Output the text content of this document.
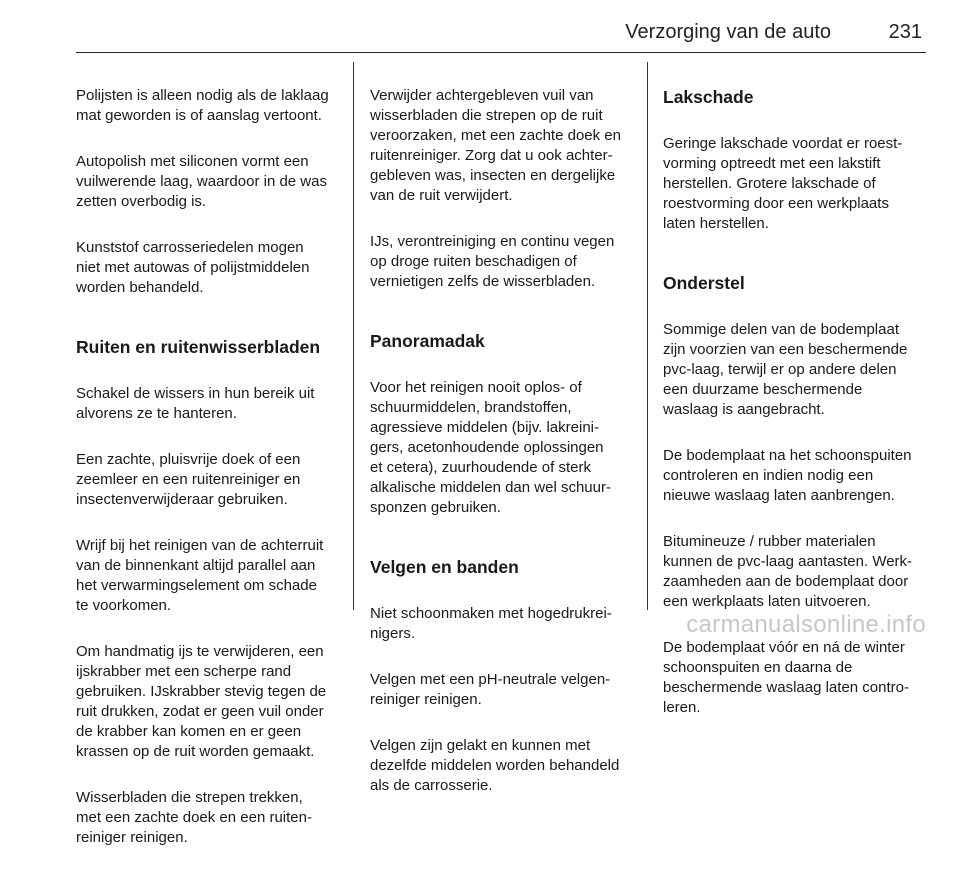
Verzorging van de auto	231

Polijsten is alleen nodig als de laklaag
mat geworden is of aanslag vertoont.

Autopolish met siliconen vormt een
vuilwerende laag, waardoor in de was
zetten overbodig is.

Kunststof carrosseriedelen mogen
niet met autowas of polijstmiddelen
worden behandeld.

Ruiten en ruitenwisserbladen

Schakel de wissers in hun bereik uit
alvorens ze te hanteren.

Een zachte, pluisvrije doek of een
zeemleer en een ruitenreiniger en
insectenverwijderaar gebruiken.

Wrijf bij het reinigen van de achterruit
van de binnenkant altijd parallel aan
het verwarmingselement om schade
te voorkomen.

Om handmatig ijs te verwijderen, een
ijskrabber met een scherpe rand
gebruiken. IJskrabber stevig tegen de
ruit drukken, zodat er geen vuil onder
de krabber kan komen en er geen
krassen op de ruit worden gemaakt.

Wisserbladen die strepen trekken,
met een zachte doek en een ruiten-
reiniger reinigen.

Verwijder achtergebleven vuil van
wisserbladen die strepen op de ruit
veroorzaken, met een zachte doek en
ruitenreiniger. Zorg dat u ook achter-
gebleven was, insecten en dergelijke
van de ruit verwijdert.

IJs, verontreiniging en continu vegen
op droge ruiten beschadigen of
vernietigen zelfs de wisserbladen.

Panoramadak

Voor het reinigen nooit oplos- of
schuurmiddelen, brandstoffen,
agressieve middelen (bijv. lakreini-
gers, acetonhoudende oplossingen
et cetera), zuurhoudende of sterk
alkalische middelen dan wel schuur-
sponzen gebruiken.

Velgen en banden

Niet schoonmaken met hogedrukrei-
nigers.

Velgen met een pH-neutrale velgen-
reiniger reinigen.

Velgen zijn gelakt en kunnen met
dezelfde middelen worden behandeld
als de carrosserie.

Lakschade

Geringe lakschade voordat er roest-
vorming optreedt met een lakstift
herstellen. Grotere lakschade of
roestvorming door een werkplaats
laten herstellen.

Onderstel

Sommige delen van de bodemplaat
zijn voorzien van een beschermende
pvc-laag, terwijl er op andere delen
een duurzame beschermende
waslaag is aangebracht.

De bodemplaat na het schoonspuiten
controleren en indien nodig een
nieuwe waslaag laten aanbrengen.

Bitumineuze / rubber materialen
kunnen de pvc-laag aantasten. Werk-
zaamheden aan de bodemplaat door
een werkplaats laten uitvoeren.

De bodemplaat vóór en ná de winter
schoonspuiten en daarna de
beschermende waslaag laten contro-
leren.

carmanualsonline.info
